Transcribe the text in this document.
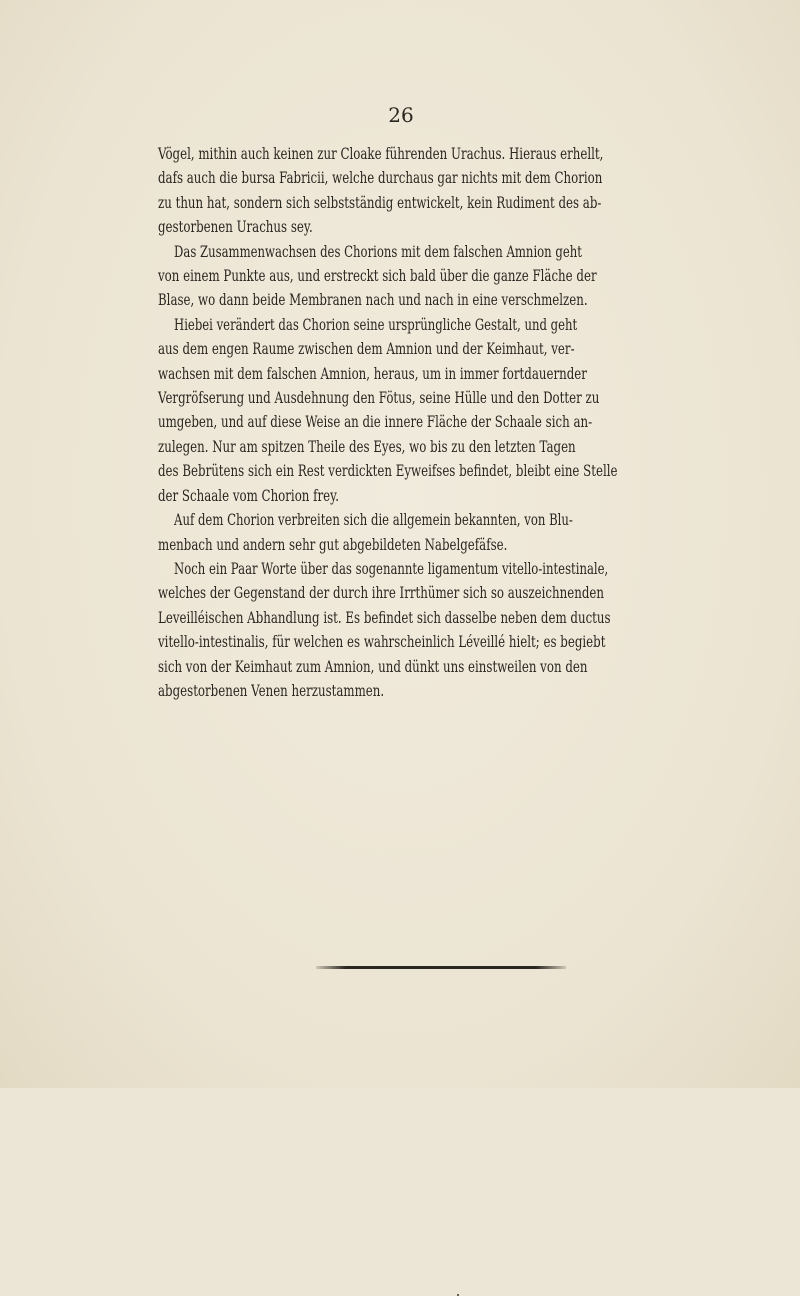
26
Vögel, mithin auch keinen zur Cloake führenden Urachus. Hieraus erhellt,
dafs auch die bursa Fabricii, welche durchaus gar nichts mit dem Chorion
zu thun hat, sondern sich selbstständig entwickelt, kein Rudiment des ab-
gestorbenen Urachus sey.
Das Zusammenwachsen des Chorions mit dem falschen Amnion geht
von einem Punkte aus, und erstreckt sich bald über die ganze Fläche der
Blase, wo dann beide Membranen nach und nach in eine verschmelzen.
Hiebei verändert das Chorion seine ursprüngliche Gestalt, und geht
aus dem engen Raume zwischen dem Amnion und der Keimhaut, ver-
wachsen mit dem falschen Amnion, heraus, um in immer fortdauernder
Vergröfserung und Ausdehnung den Fötus, seine Hülle und den Dotter zu
umgeben, und auf diese Weise an die innere Fläche der Schaale sich an-
zulegen. Nur am spitzen Theile des Eyes, wo bis zu den letzten Tagen
des Bebrütens sich ein Rest verdickten Eyweifses befindet, bleibt eine Stelle
der Schaale vom Chorion frey.
Auf dem Chorion verbreiten sich die allgemein bekannten, von Blu-
menbach und andern sehr gut abgebildeten Nabelgefäfse.
Noch ein Paar Worte über das sogenannte ligamentum vitello-intestinale,
welches der Gegenstand der durch ihre Irrthümer sich so auszeichnenden
Leveilléischen Abhandlung ist. Es befindet sich dasselbe neben dem ductus
vitello-intestinalis, für welchen es wahrscheinlich Léveillé hielt; es begiebt
sich von der Keimhaut zum Amnion, und dünkt uns einstweilen von den
abgestorbenen Venen herzustammen.
